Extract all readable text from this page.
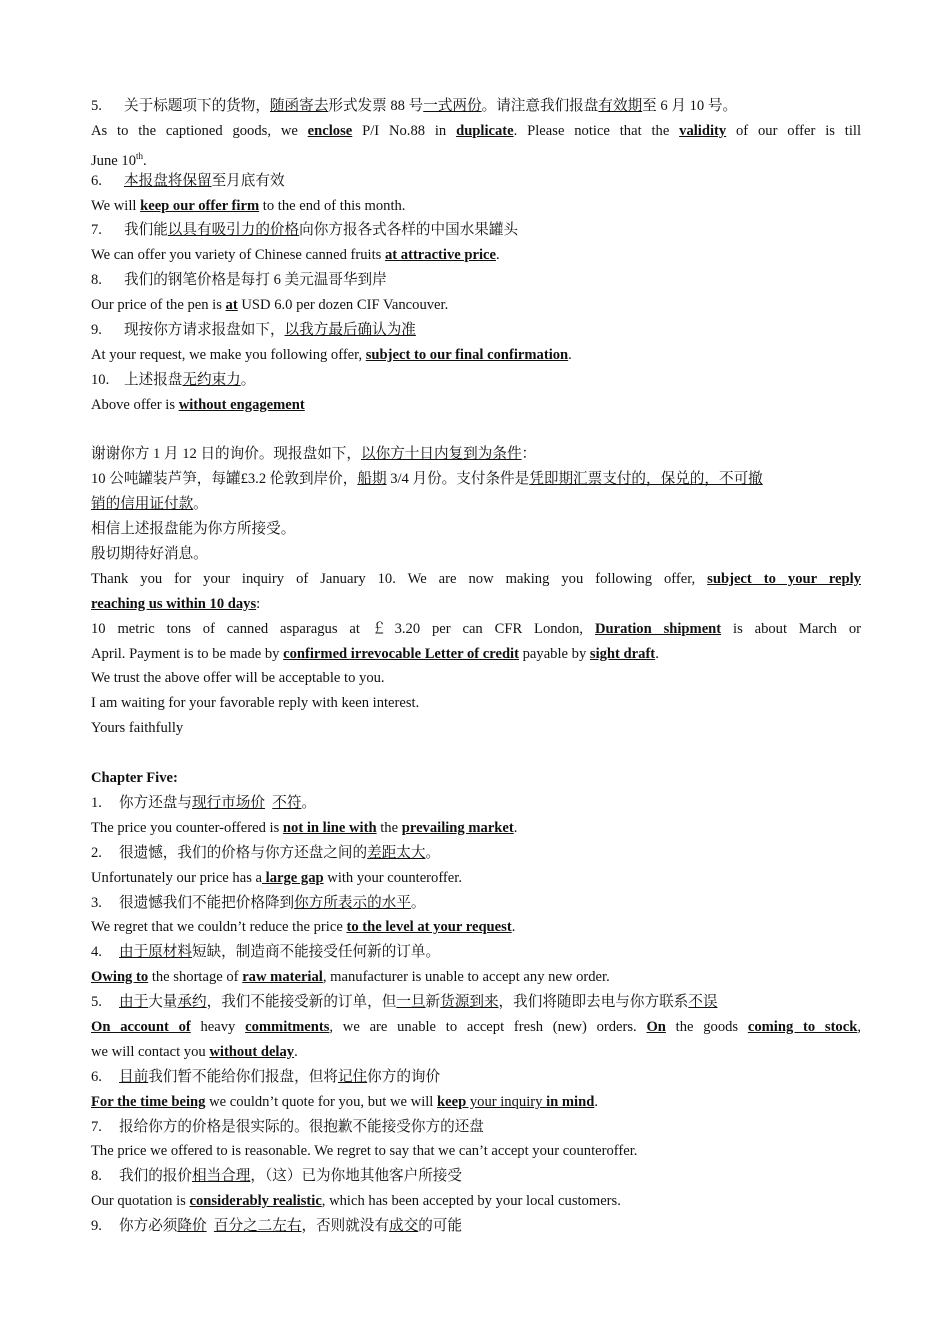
5. 关于标题项下的货物，随函寄去形式发票 88 号一式两份。请注意我们报盘有效期至 6 月 10 号。
As to the captioned goods, we enclose P/I No.88 in duplicate. Please notice that the validity of our offer is till
June 10th.
6. 本报盘将保留至月底有效
We will keep our offer firm to the end of this month.
7. 我们能以具有吸引力的价格向你方报各式各样的中国水果罐头
We can offer you variety of Chinese canned fruits at attractive price.
8. 我们的钢笔价格是每打 6 美元温哥华到岸
Our price of the pen is at USD 6.0 per dozen CIF Vancouver.
9. 现按你方请求报盘如下，以我方最后确认为准
At your request, we make you following offer, subject to our final confirmation.
10. 上述报盘无约束力。
Above offer is without engagement
谢谢你方 1 月 12 日的询价。现报盘如下，以你方十日内复到为条件：
10 公吨罐装芦笋，每罐£3.2 伦敦到岸价，船期 3/4 月份。支付条件是凭即期汇票支付的，保兑的，不可撤
销的信用证付款。
相信上述报盘能为你方所接受。
殷切期待好消息。
Thank you for your inquiry of January 10. We are now making you following offer, subject to your reply
reaching us within 10 days:
10 metric tons of canned asparagus at ￡3.20 per can CFR London, Duration shipment is about March or
April. Payment is to be made by confirmed irrevocable Letter of credit payable by sight draft.
We trust the above offer will be acceptable to you.
I am waiting for your favorable reply with keen interest.
Yours faithfully
Chapter Five:
1. 你方还盘与现行市场价 不符。
The price you counter-offered is not in line with the prevailing market.
2. 很遗憾，我们的价格与你方还盘之间的差距太大。
Unfortunately our price has a large gap with your counteroffer.
3. 很遗憾我们不能把价格降到你方所表示的水平。
We regret that we couldn’t reduce the price to the level at your request.
4. 由于原材料短缺，制造商不能接受任何新的订单。
Owing to the shortage of raw material, manufacturer is unable to accept any new order.
5. 由于大量承约，我们不能接受新的订单，但一旦新货源到来，我们将随即去电与你方联系不误
On account of heavy commitments, we are unable to accept fresh (new) orders. On the goods coming to stock,
we will contact you without delay.
6. 目前我们暂不能给你们报盘，但将记住你方的询价
For the time being we couldn’t quote for you, but we will keep your inquiry in mind.
7. 报给你方的价格是很实际的。很抱歉不能接受你方的还盘
The price we offered to is reasonable. We regret to say that we can’t accept your counteroffer.
8. 我们的报价相当合理，（这）已为你地其他客户所接受
Our quotation is considerably realistic, which has been accepted by your local customers.
9. 你方必须降价 百分之二左右，否则就没有成交的可能
